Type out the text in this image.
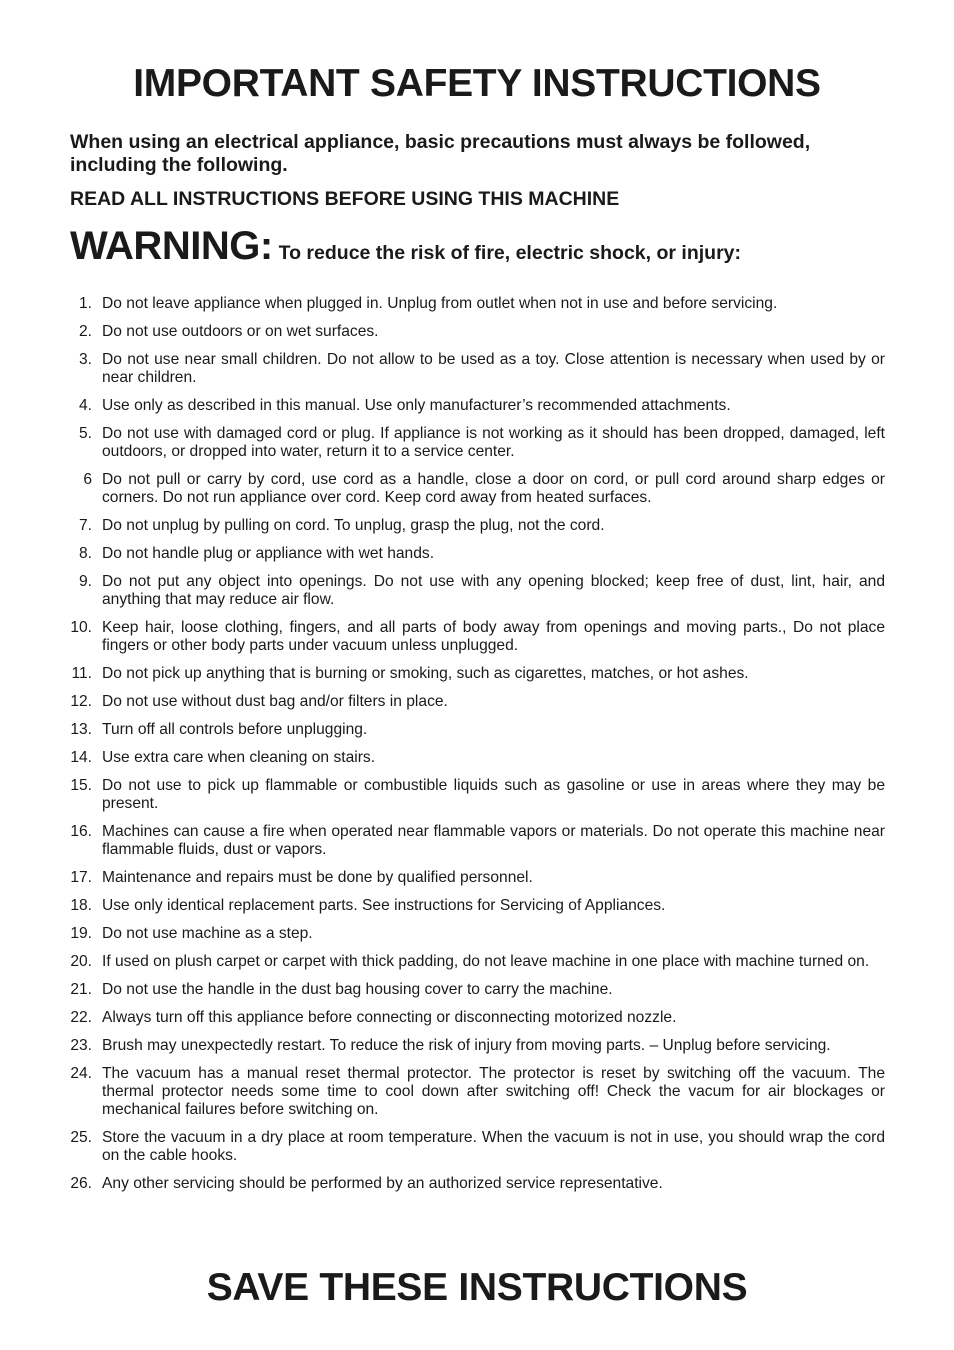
IMPORTANT SAFETY INSTRUCTIONS

When using an electrical appliance, basic precautions must always be followed, including the following.

READ ALL INSTRUCTIONS BEFORE USING THIS MACHINE

WARNING: To reduce the risk of fire, electric shock, or injury:

1. Do not leave appliance when plugged in. Unplug from outlet when not in use and before servicing.
2. Do not use outdoors or on wet surfaces.
3. Do not use near small children. Do not allow to be used as a toy. Close attention is necessary when used by or near children.
4. Use only as described in this manual. Use only manufacturer’s recommended attachments.
5. Do not use with damaged cord or plug. If appliance is not working as it should has been dropped, damaged, left outdoors, or dropped into water, return it to a service center.
6 Do not pull or carry by cord, use cord as a handle, close a door on cord, or pull cord around sharp edges or corners. Do not run appliance over cord. Keep cord away from heated surfaces.
7. Do not unplug by pulling on cord. To unplug, grasp the plug, not the cord.
8. Do not handle plug or appliance with wet hands.
9. Do not put any object into openings. Do not use with any opening blocked; keep free of dust, lint, hair, and anything that may reduce air flow.
10. Keep hair, loose clothing, fingers, and all parts of body away from openings and moving parts., Do not place fingers or other body parts under vacuum unless unplugged.
11. Do not pick up anything that is burning or smoking, such as cigarettes, matches, or hot ashes.
12. Do not use without dust bag and/or filters in place.
13. Turn off all controls before unplugging.
14. Use extra care when cleaning on stairs.
15. Do not use to pick up flammable or combustible liquids such as gasoline or use in areas where they may be present.
16. Machines can cause a fire when operated near flammable vapors or materials. Do not operate this machine near flammable fluids, dust or vapors.
17. Maintenance and repairs must be done by qualified personnel.
18. Use only identical replacement parts. See instructions for Servicing of Appliances.
19. Do not use machine as a step.
20. If used on plush carpet or carpet with thick padding, do not leave machine in one place with machine turned on.
21. Do not use the handle in the dust bag housing cover to carry the machine.
22. Always turn off this appliance before connecting or disconnecting motorized nozzle.
23. Brush may unexpectedly restart. To reduce the risk of injury from moving parts. – Unplug before servicing.
24. The vacuum has a manual reset thermal protector. The protector is reset by switching off the vacuum. The thermal protector needs some time to cool down after switching off! Check the vacum for air blockages or mechanical failures before switching on.
25. Store the vacuum in a dry place at room temperature. When the vacuum is not in use, you should wrap the cord on the cable hooks.
26. Any other servicing should be performed by an authorized service representative.
SAVE THESE INSTRUCTIONS
